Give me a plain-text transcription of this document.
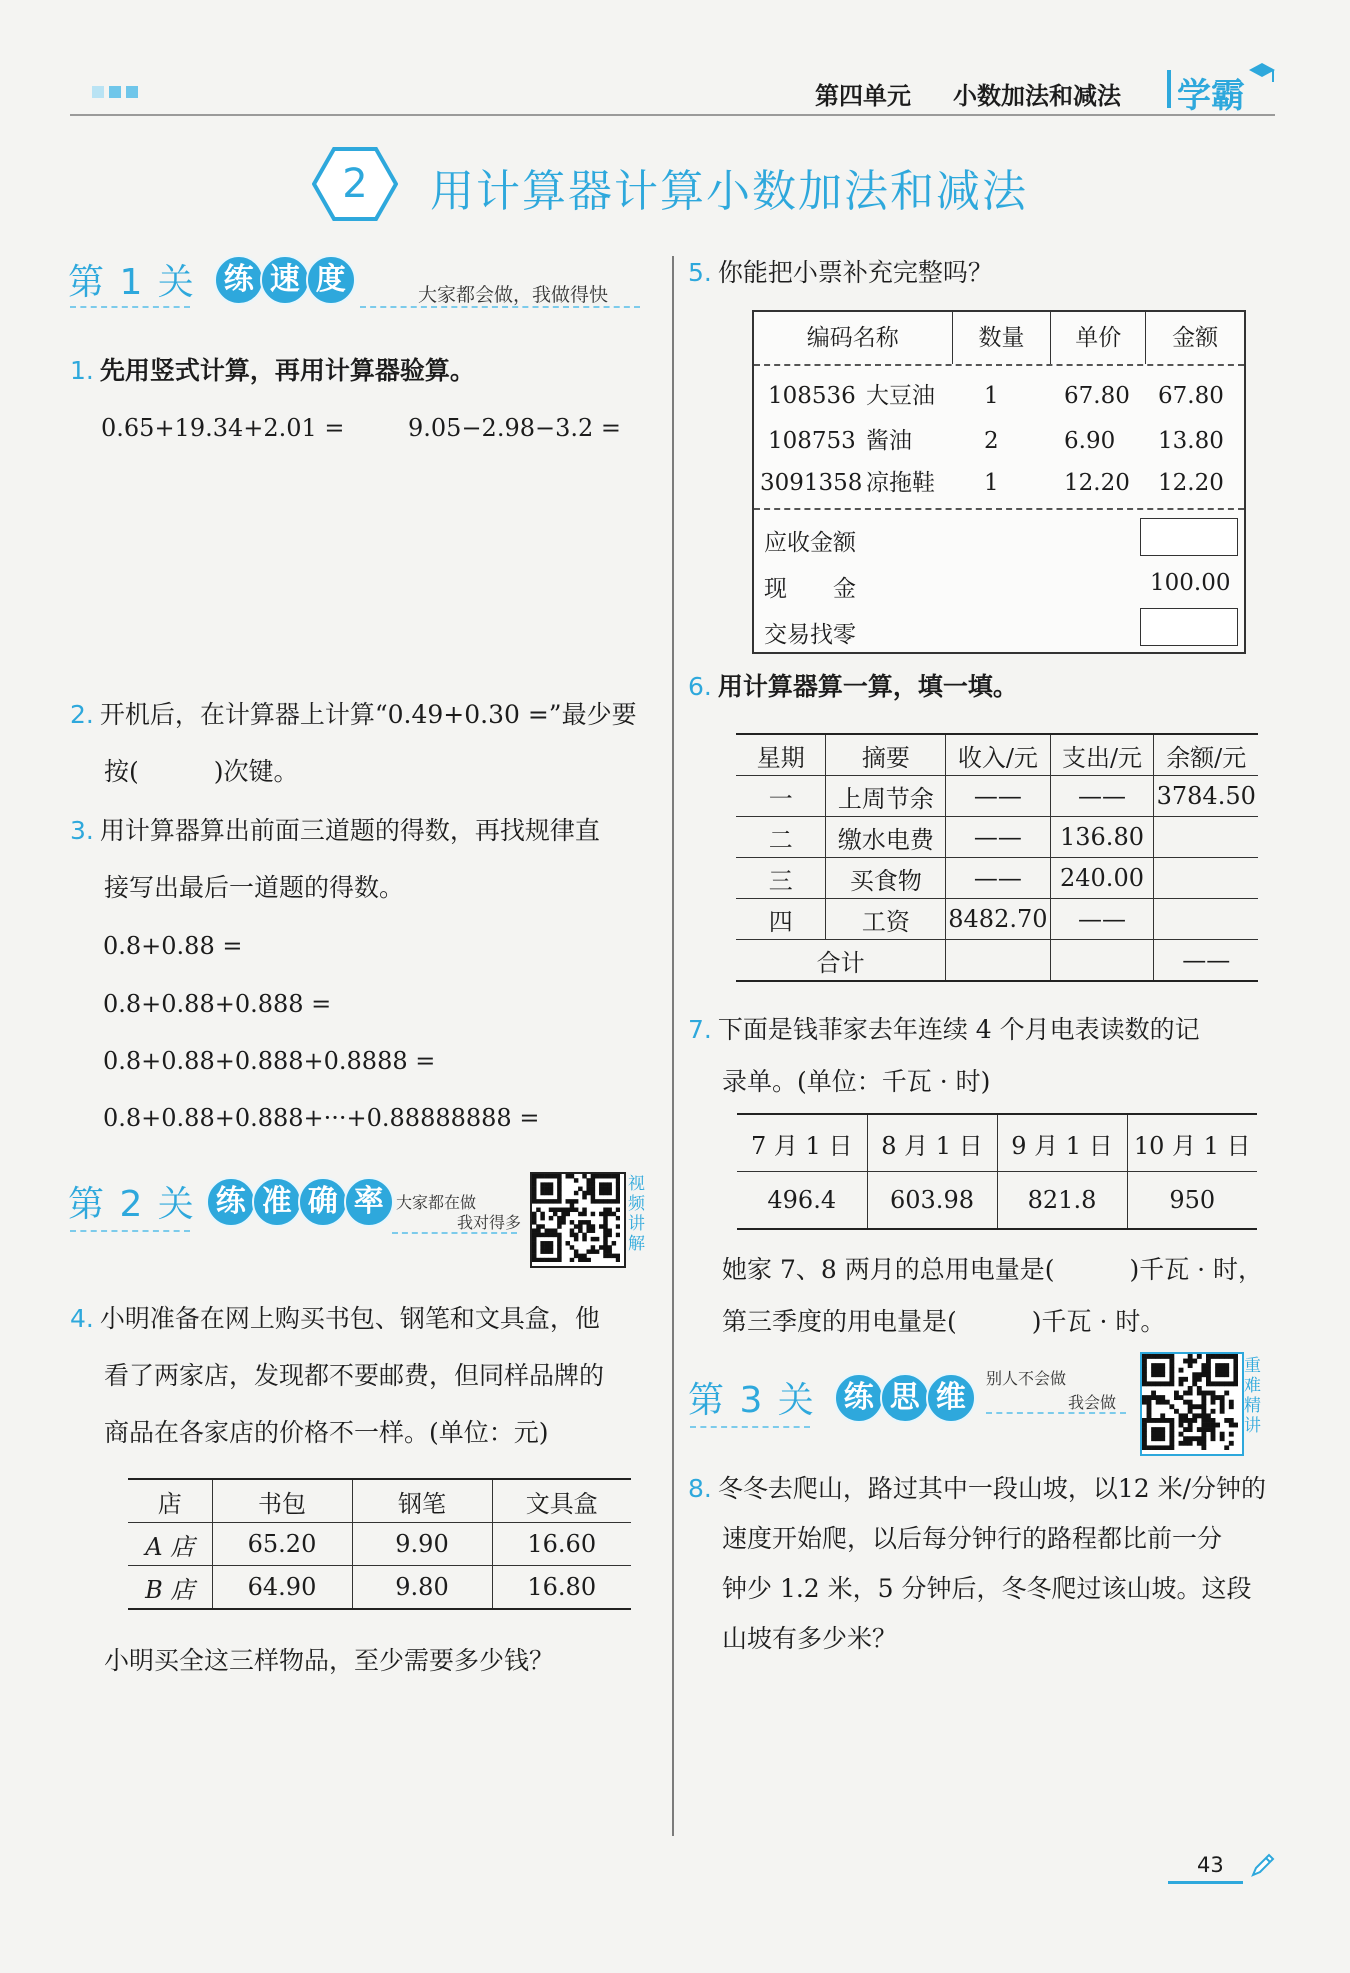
第四单元 小数加法和减法 学霸
2	用计算器计算小数加法和减法
第 1 关 练 速 度	大家都会做，我做得快
1. 先用竖式计算，再用计算器验算。
0.65+19.34+2.01 =	9.05−2.98−3.2 =
2. 开机后，在计算器上计算“0.49+0.30 =”最少要
按(　　　)次键。
3. 用计算器算出前面三道题的得数，再找规律直
接写出最后一道题的得数。
0.8+0.88 =
0.8+0.88+0.888 =
0.8+0.88+0.888+0.8888 =
0.8+0.88+0.888+···+0.88888888 =
第 2 关 练 准 确 率 大家都在做
我对得多
视
频
讲
解
4. 小明准备在网上购买书包、钢笔和文具盒，他
看了两家店，发现都不要邮费，但同样品牌的
商品在各家店的价格不一样。(单位：元)
店	书包	钢笔	文具盒
A 店	65.20	9.90	16.60
B 店	64.90	9.80	16.80
小明买全这三样物品，至少需要多少钱？
5. 你能把小票补充完整吗？
编码名称	数量	单价	金额
108536 大豆油 1	67.80 67.80
108753 酱油	2	6.90 13.80
3091358 凉拖鞋 1	12.20 12.20
应收金额
现　　金	100.00
交易找零
6. 用计算器算一算，填一填。
星期	摘要	收入/元	支出/元	余额/元
一	上周节余	——	——	3784.50
二	缴水电费	——	136.80	
三	买食物	——	240.00	
四	工资	8482.70	——	
合计				——
7. 下面是钱菲家去年连续 4 个月电表读数的记
录单。(单位：千瓦 · 时)
7 月 1 日	8 月 1 日	9 月 1 日	10 月 1 日
496.4	603.98	821.8	950
她家 7、8 两月的总用电量是(　　　)千瓦 · 时，
第三季度的用电量是(　　　)千瓦 · 时。
第 3 关 练 思 维
别人不会做
我会做
重
难
精
讲
8. 冬冬去爬山，路过其中一段山坡，以12 米/分钟的
速度开始爬，以后每分钟行的路程都比前一分
钟少 1.2 米，5 分钟后，冬冬爬过该山坡。这段
山坡有多少米？
43
